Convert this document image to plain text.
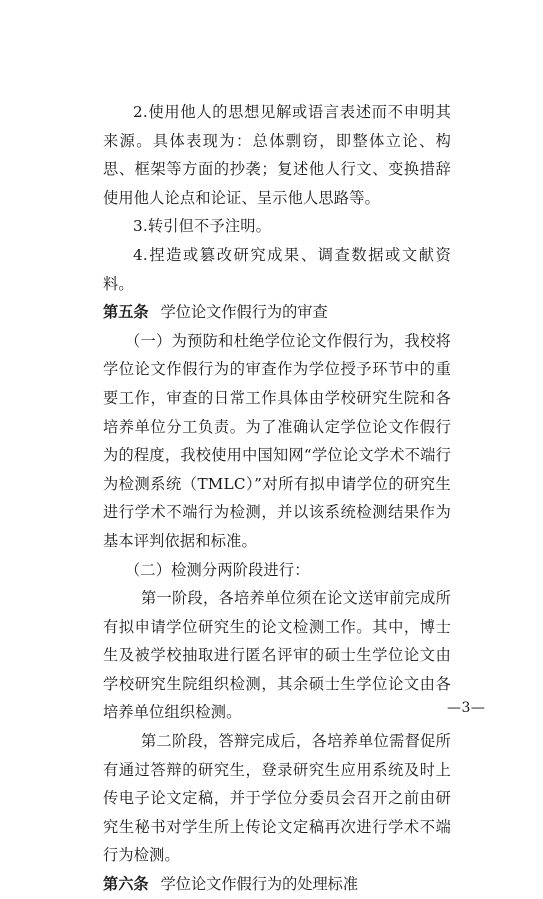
2.使用他人的思想见解或语言表述而不申明其来源。具体表现为：总体剽窃，即整体立论、构思、框架等方面的抄袭；复述他人行文、变换措辞使用他人论点和论证、呈示他人思路等。

3.转引但不予注明。

4.捏造或篡改研究成果、调查数据或文献资料。

第五条 学位论文作假行为的审查

（一）为预防和杜绝学位论文作假行为，我校将学位论文作假行为的审查作为学位授予环节中的重要工作，审查的日常工作具体由学校研究生院和各培养单位分工负责。为了准确认定学位论文作假行为的程度，我校使用中国知网“学位论文学术不端行为检测系统（TMLC）”对所有拟申请学位的研究生进行学术不端行为检测，并以该系统检测结果作为基本评判依据和标准。

（二）检测分两阶段进行：

第一阶段，各培养单位须在论文送审前完成所有拟申请学位研究生的论文检测工作。其中，博士生及被学校抽取进行匿名评审的硕士生学位论文由学校研究生院组织检测，其余硕士生学位论文由各培养单位组织检测。

第二阶段，答辩完成后，各培养单位需督促所有通过答辩的研究生，登录研究生应用系统及时上传电子论文定稿，并于学位分委员会召开之前由研究生秘书对学生所上传论文定稿再次进行学术不端行为检测。

第六条 学位论文作假行为的处理标准

—3—
